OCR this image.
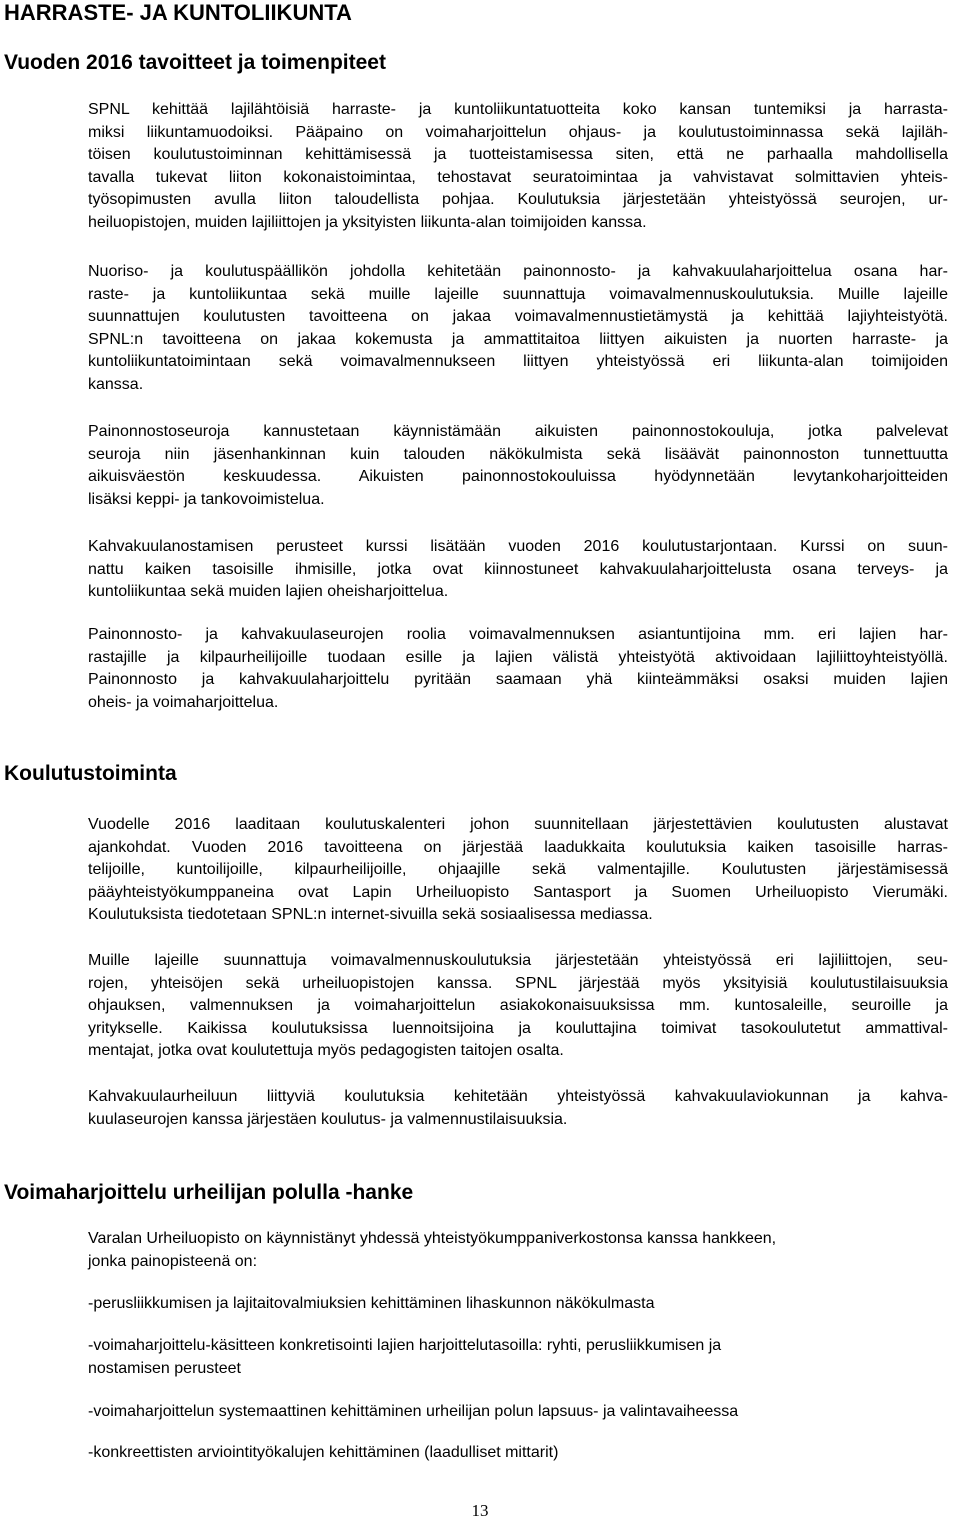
HARRASTE- JA KUNTOLIIKUNTA
Vuoden 2016 tavoitteet ja toimenpiteet

SPNL kehittää lajilähtöisiä harraste- ja kuntoliikuntatuotteita koko kansan tuntemiksi ja harrasta-
miksi liikuntamuodoiksi. Pääpaino on voimaharjoittelun ohjaus- ja koulutustoiminnassa sekä lajiläh-
töisen koulutustoiminnan kehittämisessä ja tuotteistamisessa siten, että ne parhaalla mahdollisella
tavalla tukevat liiton kokonaistoimintaa, tehostavat seuratoimintaa ja vahvistavat solmittavien yhteis-
työsopimusten avulla liiton taloudellista pohjaa. Koulutuksia järjestetään yhteistyössä seurojen, ur-
heiluopistojen, muiden lajiliittojen ja yksityisten liikunta-alan toimijoiden kanssa.

Nuoriso- ja koulutuspäällikön johdolla kehitetään painonnosto- ja kahvakuulaharjoittelua osana har-
raste- ja kuntoliikuntaa sekä muille lajeille suunnattuja voimavalmennuskoulutuksia. Muille lajeille
suunnattujen koulutusten tavoitteena on jakaa voimavalmennustietämystä ja kehittää lajiyhteistyötä.
SPNL:n tavoitteena on jakaa kokemusta ja ammattitaitoa liittyen aikuisten ja nuorten harraste- ja
kuntoliikuntatoimintaan sekä voimavalmennukseen liittyen yhteistyössä eri liikunta-alan toimijoiden
kanssa.

Painonnostoseuroja kannustetaan käynnistämään aikuisten painonnostokouluja, jotka palvelevat
seuroja niin jäsenhankinnan kuin talouden näkökulmista sekä lisäävät painonnoston tunnettuutta
aikuisväestön keskuudessa. Aikuisten painonnostokouluissa hyödynnetään levytankoharjoitteiden
lisäksi keppi- ja tankovoimistelua.

Kahvakuulanostamisen perusteet kurssi lisätään vuoden 2016 koulutustarjontaan. Kurssi on suun-
nattu kaiken tasoisille ihmisille, jotka ovat kiinnostuneet kahvakuulaharjoittelusta osana terveys- ja
kuntoliikuntaa sekä muiden lajien oheisharjoittelua.

Painonnosto- ja kahvakuulaseurojen roolia voimavalmennuksen asiantuntijoina mm. eri lajien har-
rastajille ja kilpaurheilijoille tuodaan esille ja lajien välistä yhteistyötä aktivoidaan lajiliittoyhteistyöllä.
Painonnosto ja kahvakuulaharjoittelu pyritään saamaan yhä kiinteämmäksi osaksi muiden lajien
oheis- ja voimaharjoittelua.

Koulutustoiminta

Vuodelle 2016 laaditaan koulutuskalenteri johon suunnitellaan järjestettävien koulutusten alustavat
ajankohdat. Vuoden 2016 tavoitteena on järjestää laadukkaita koulutuksia kaiken tasoisille harras-
telijoille, kuntoilijoille, kilpaurheilijoille, ohjaajille sekä valmentajille. Koulutusten järjestämisessä
pääyhteistyökumppaneina ovat Lapin Urheiluopisto Santasport ja Suomen Urheiluopisto Vierumäki.
Koulutuksista tiedotetaan SPNL:n internet-sivuilla sekä sosiaalisessa mediassa.

Muille lajeille suunnattuja voimavalmennuskoulutuksia järjestetään yhteistyössä eri lajiliittojen, seu-
rojen, yhteisöjen sekä urheiluopistojen kanssa. SPNL järjestää myös yksityisiä koulutustilaisuuksia
ohjauksen, valmennuksen ja voimaharjoittelun asiakokonaisuuksissa mm. kuntosaleille, seuroille ja
yritykselle. Kaikissa koulutuksissa luennoitsijoina ja kouluttajina toimivat tasokoulutetut ammattival-
mentajat, jotka ovat koulutettuja myös pedagogisten taitojen osalta.

Kahvakuulaurheiluun liittyviä koulutuksia kehitetään yhteistyössä kahvakuulaviokunnan ja kahva-
kuulaseurojen kanssa järjestäen koulutus- ja valmennustilaisuuksia.

Voimaharjoittelu urheilijan polulla -hanke

Varalan Urheiluopisto on käynnistänyt yhdessä yhteistyökumppaniverkostonsa kanssa hankkeen,
jonka painopisteenä on:

-perusliikkumisen ja lajitaitovalmiuksien kehittäminen lihaskunnon näkökulmasta

-voimaharjoittelu-käsitteen konkretisointi lajien harjoittelutasoilla: ryhti, perusliikkumisen ja
nostamisen perusteet

-voimaharjoittelun systemaattinen kehittäminen urheilijan polun lapsuus- ja valintavaiheessa

-konkreettisten arviointityökalujen kehittäminen (laadulliset mittarit)

13
